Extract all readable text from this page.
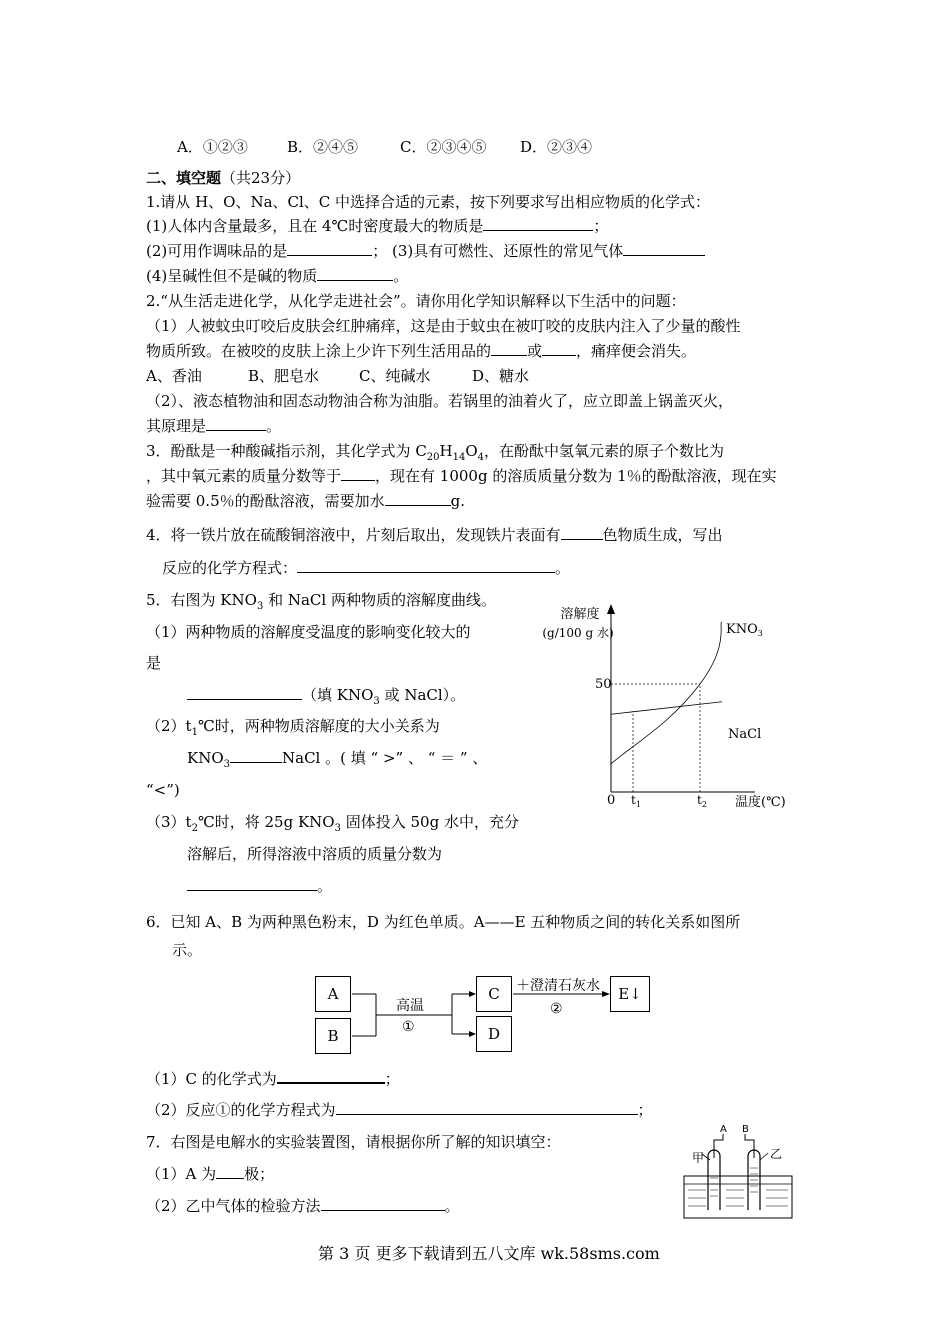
A．①②③	B．②④⑤	C．②③④⑤ D．②③④
二、填空题（共23分）
1.请从 H、O、Na、Cl、C 中选择合适的元素，按下列要求写出相应物质的化学式：
(1)人体内含量最多，且在 4℃时密度最大的物质是	；
(2)可用作调味品的是	； (3)具有可燃性、还原性的常见气体
(4)呈碱性但不是碱的物质	。
2.“从生活走进化学，从化学走进社会”。请你用化学知识解释以下生活中的问题：
（1）人被蚊虫叮咬后皮肤会红肿痛痒，这是由于蚊虫在被叮咬的皮肤内注入了少量的酸性
物质所致。在被咬的皮肤上涂上少许下列生活用品的 或 ，痛痒便会消失。
A、香油	B、肥皂水	C、纯碱水	D、糖水
（2）、液态植物油和固态动物油合称为油脂。若锅里的油着火了，应立即盖上锅盖灭火，
其原理是	。
3．酚酞是一种酸碱指示剂，其化学式为 $C_{20}H_{14}O_4$，在酚酞中氢氧元素的原子个数比为
，其中氧元素的质量分数等于 ，现在有 1000g 的溶质质量分数为 1％的酚酞溶液，现在实
验需要 0.5％的酚酞溶液，需要加水	g.
4．将一铁片放在硫酸铜溶液中，片刻后取出，发现铁片表面有	色物质生成，写出
反应的化学方程式：	。
5．右图为 $KNO_3$ 和 NaCl 两种物质的溶解度曲线。
（1）两种物质的溶解度受温度的影响变化较大的
是
（填 $KNO_3$ 或 NaCl）。
$(2)t_1℃$时，两种物质溶解度的大小关系为
$KNO_3$	NaCl 。( 填 “ >” 、 “ ＝ ” 、
“<”)
$(3)t_2℃$时，将 25g $KNO_3$ 固体投入 50g 水中，充分
溶解后，所得溶液中溶质的质量分数为
。
溶解度
(g/100 g 水)
50
0 $t_1$	$t_2$ 温度(℃)
$KNO_3$
NaCl
6．已知 A、B 为两种黑色粉末，D 为红色单质。A——E 五种物质之间的转化关系如图所
示。
A
B
C
D
E↓
高温
①
＋澄清石灰水
②
（1）C 的化学式为	；
（2）反应①的化学方程式为	；
7．右图是电解水的实验装置图，请根据你所了解的知识填空：
（1）A 为 极；
（2）乙中气体的检验方法	。
A B
甲	乙
第 3 页 更多下载请到五八文库 wk.58sms.com
